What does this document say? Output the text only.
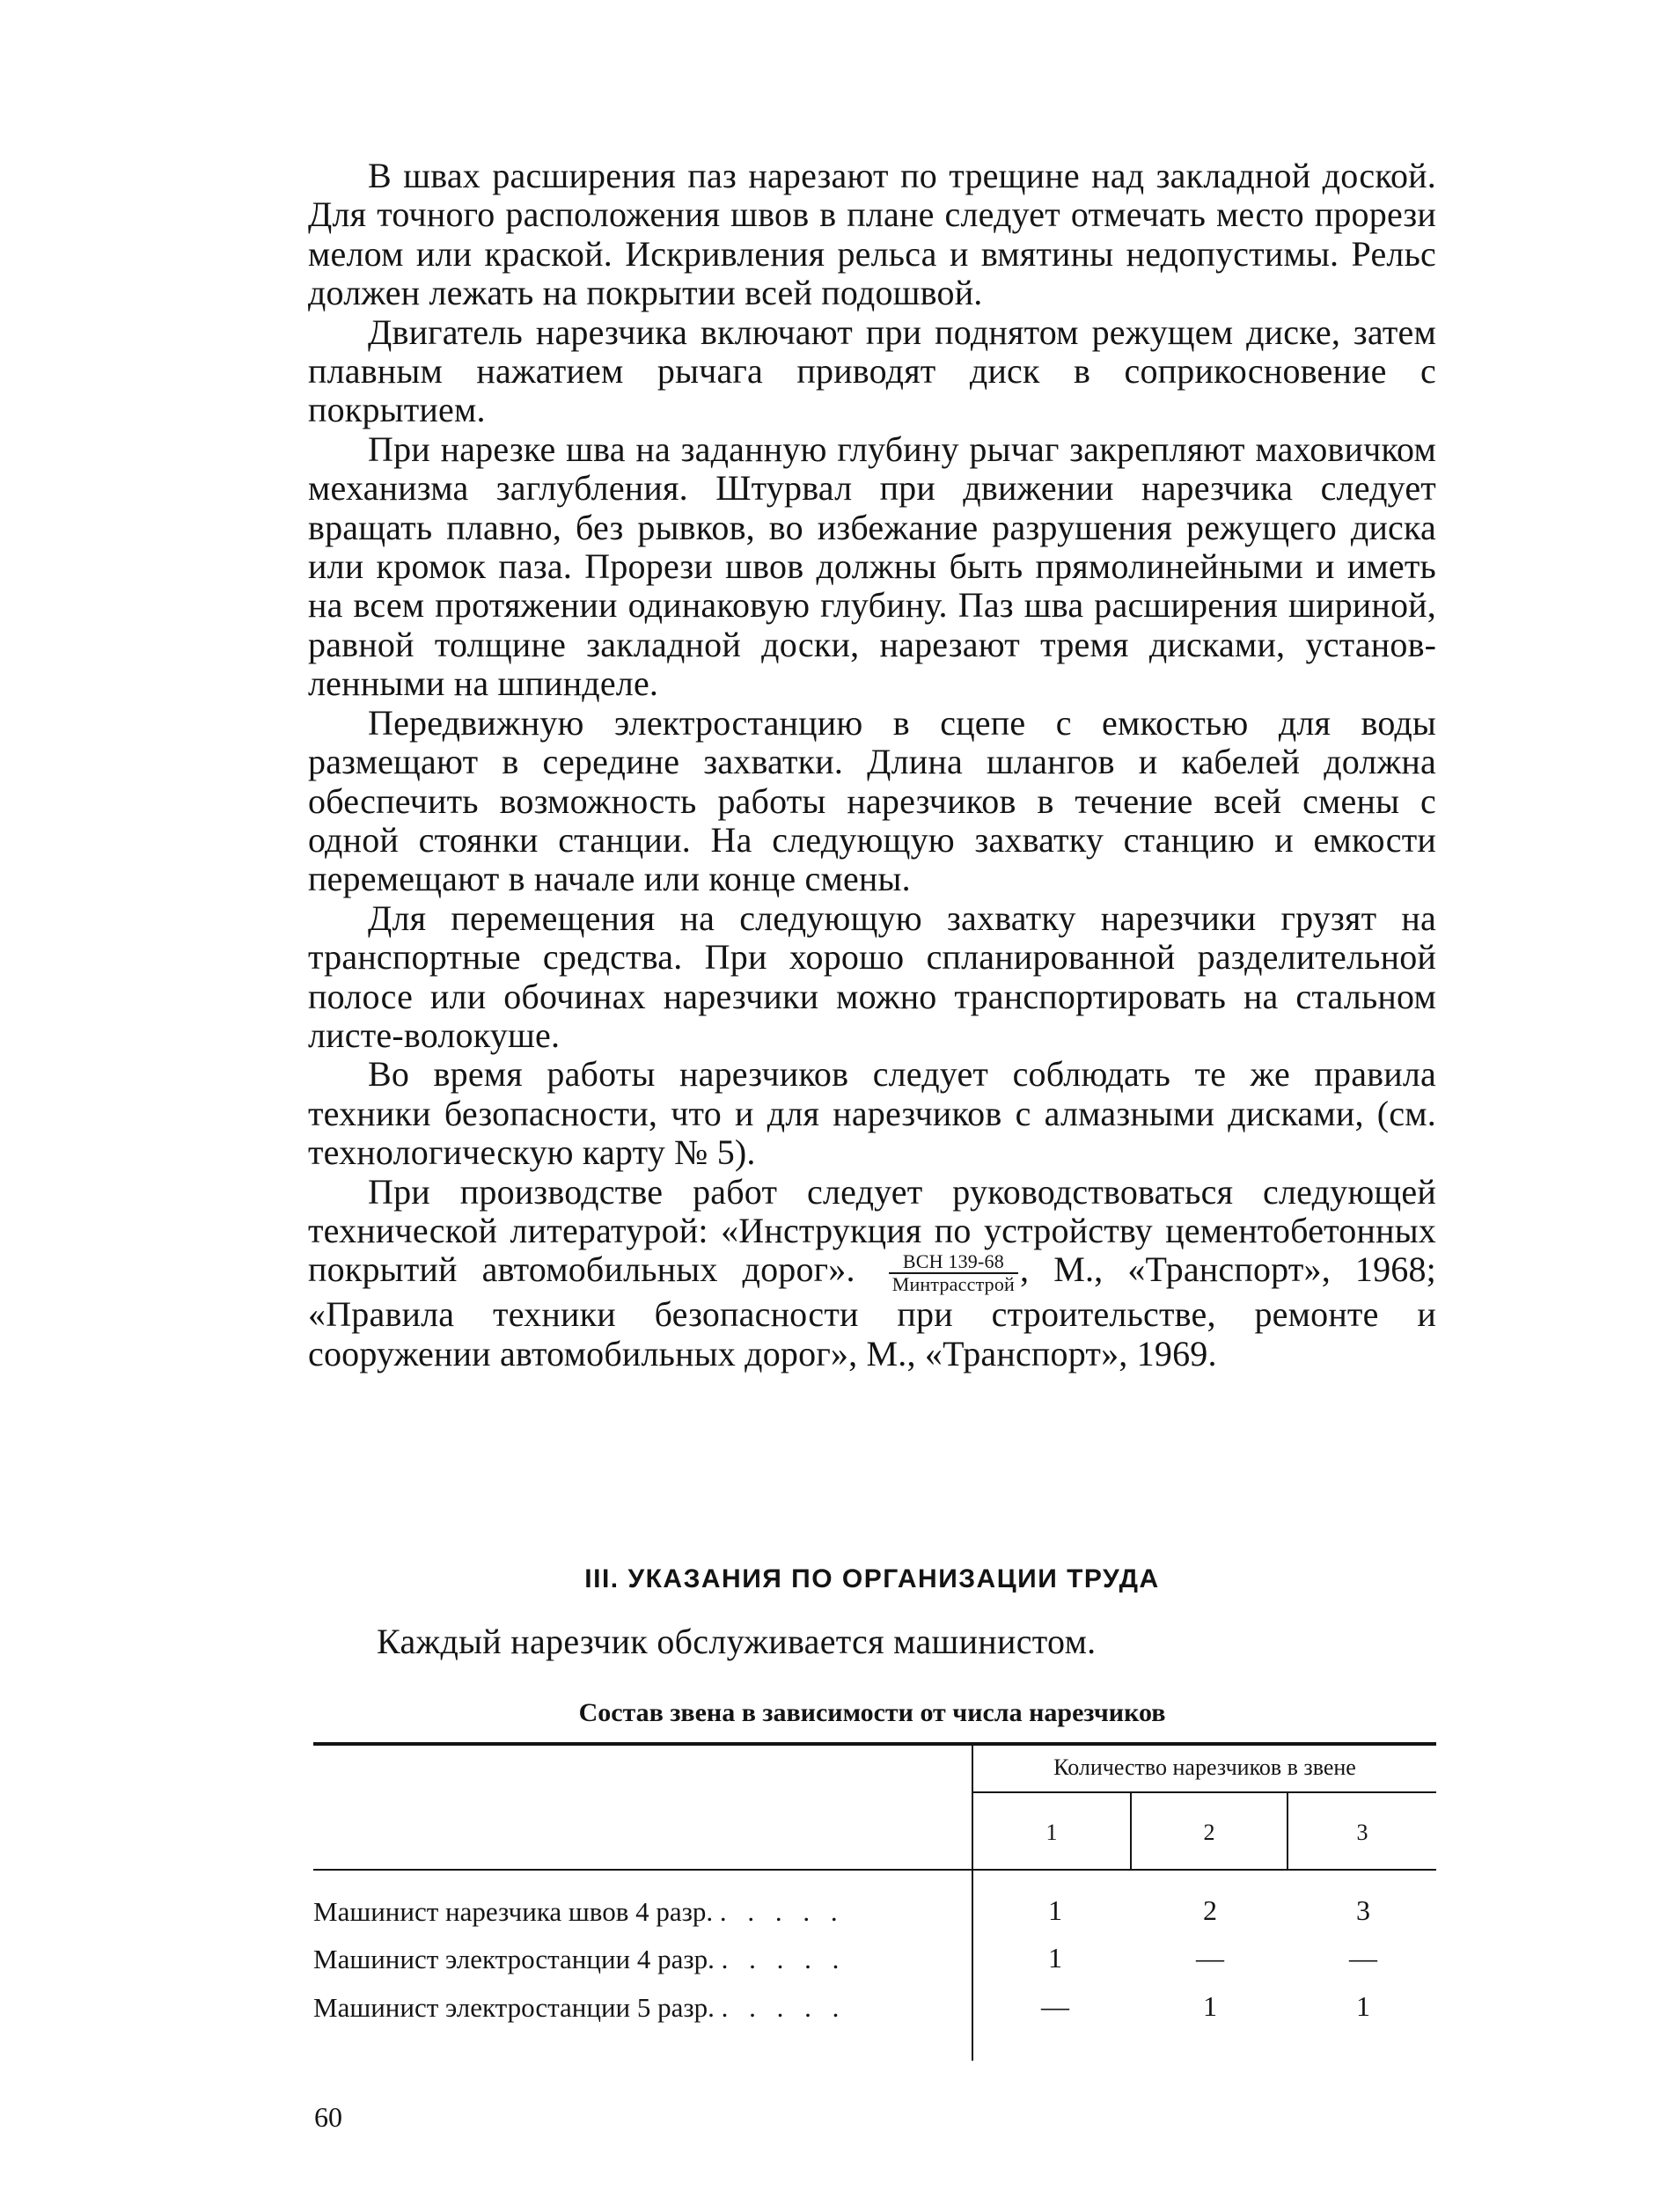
В швах расширения паз нарезают по трещине над закладной доской. Для точного расположения швов в плане следует отмечать место прорези мелом или краской. Искривления рельса и вмятины недопустимы. Рельс должен лежать на покрытии всей подошвой.

Двигатель нарезчика включают при поднятом режущем диске, затем плавным нажатием рычага приводят диск в соприкосновение с покрытием.

При нарезке шва на заданную глубину рычаг закрепляют маховичком механизма заглубления. Штурвал при движении нарезчика следует вращать плавно, без рывков, во избежание разрушения режущего диска или кромок паза. Прорези швов должны быть прямолинейными и иметь на всем протяжении одинаковую глубину. Паз шва расширения шириной, равной толщине закладной доски, нарезают тремя дисками, установленными на шпинделе.

Передвижную электростанцию в сцепе с емкостью для воды размещают в середине захватки. Длина шлангов и кабелей должна обеспечить возможность работы нарезчиков в течение всей смены с одной стоянки станции. На следующую захватку станцию и емкости перемещают в начале или конце смены.

Для перемещения на следующую захватку нарезчики грузят на транспортные средства. При хорошо спланированной разделительной полосе или обочинах нарезчики можно транспортировать на стальном листе-волокуше.

Во время работы нарезчиков следует соблюдать те же правила техники безопасности, что и для нарезчиков с алмазными дисками, (см. технологическую карту № 5).

При производстве работ следует руководствоваться следующей технической литературой: «Инструкция по устройству цементобетонных покрытий автомобильных дорог». $\frac{\text{ВСН 139-68}}{\text{Минтрасстрой}}$ , М., «Транспорт», 1968; «Правила техники безопасности при строительстве, ремонте и сооружении автомобильных дорог», М., «Транспорт», 1969.

III. УКАЗАНИЯ ПО ОРГАНИЗАЦИИ ТРУДА
Каждый нарезчик обслуживается машинистом.
Состав звена в зависимости от числа нарезчиков
Количество нарезчиков в звене
1	2	3
Машинист нарезчика швов 4 разр. . . . . .	1	2	3
Машинист электростанции 4 разр. . . . . .	1	—	—
Машинист электростанции 5 разр. . . . . .	—	1	1
60
